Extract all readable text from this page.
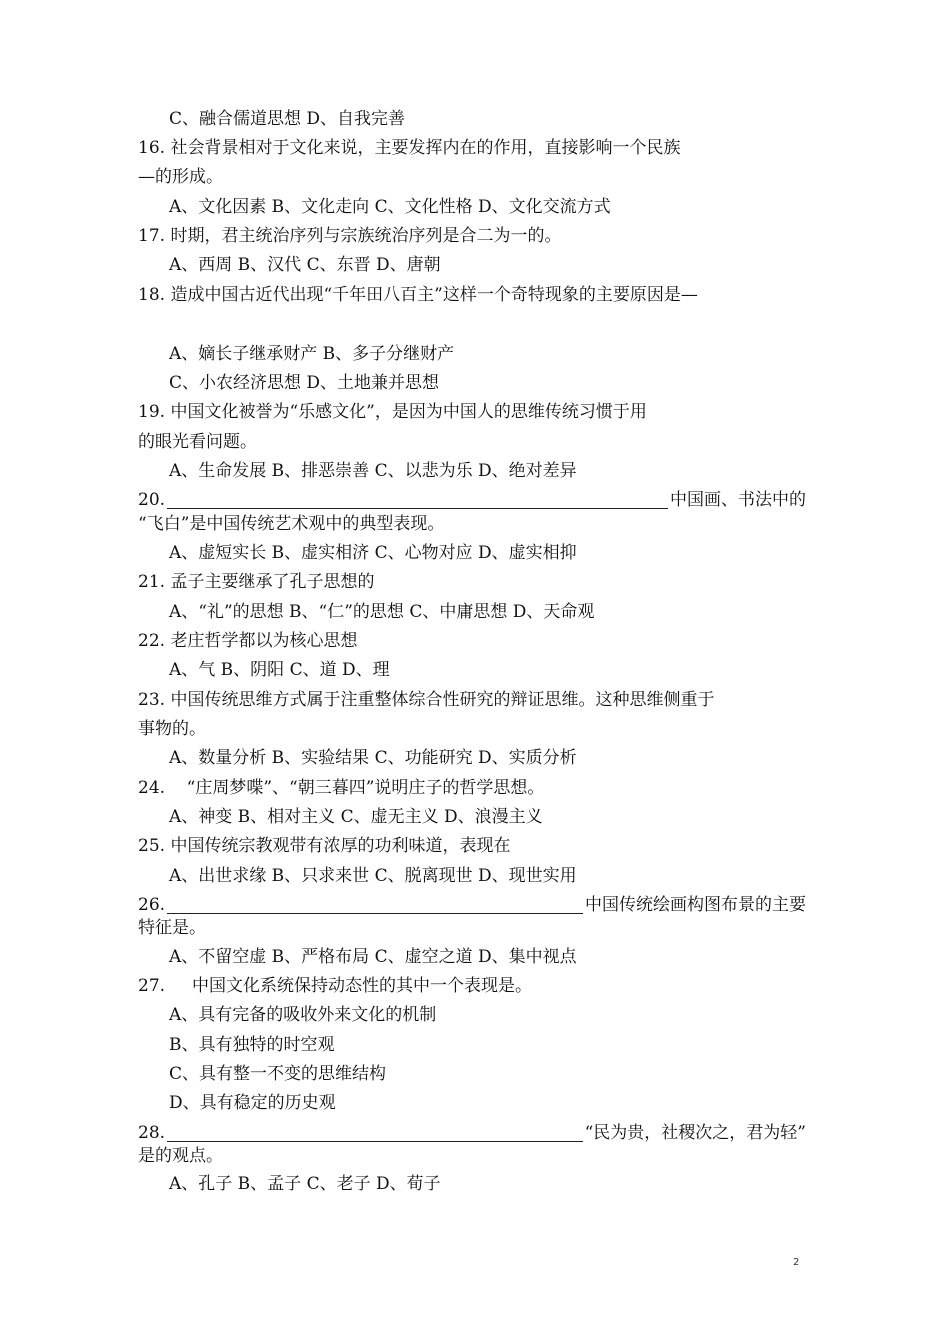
C、融合儒道思想 D、自我完善
16. 社会背景相对于文化来说，主要发挥内在的作用，直接影响一个民族
—的形成。
A、文化因素 B、文化走向 C、文化性格 D、文化交流方式
17. 时期，君主统治序列与宗族统治序列是合二为一的。
A、西周 B、汉代 C、东晋 D、唐朝
18. 造成中国古近代出现“千年田八百主”这样一个奇特现象的主要原因是—
A、嫡长子继承财产 B、多子分继财产
C、小农经济思想 D、土地兼并思想
19. 中国文化被誉为“乐感文化”，是因为中国人的思维传统习惯于用
的眼光看问题。
A、生命发展 B、排恶崇善 C、以悲为乐 D、绝对差异
20.	中国画、书法中的
“飞白”是中国传统艺术观中的典型表现。
A、虚短实长 B、虚实相济 C、心物对应 D、虚实相抑
21. 孟子主要继承了孔子思想的
A、“礼”的思想 B、“仁”的思想 C、中庸思想 D、天命观
22. 老庄哲学都以为核心思想
A、气 B、阴阳 C、道 D、理
23. 中国传统思维方式属于注重整体综合性研究的辩证思维。这种思维侧重于
事物的。
A、数量分析 B、实验结果 C、功能研究 D、实质分析
24.    “庄周梦喋”、“朝三暮四”说明庄子的哲学思想。
A、神变 B、相对主义 C、虚无主义 D、浪漫主义
25. 中国传统宗教观带有浓厚的功利味道，表现在
A、出世求缘 B、只求来世 C、脱离现世 D、现世实用
26.	中国传统绘画构图布景的主要
特征是。
A、不留空虚 B、严格布局 C、虚空之道 D、集中视点
27.     中国文化系统保持动态性的其中一个表现是。
A、具有完备的吸收外来文化的机制
B、具有独特的时空观
C、具有整一不变的思维结构
D、具有稳定的历史观
28.	“民为贵，社稷次之，君为轻”
是的观点。
A、孔子 B、孟子 C、老子 D、荀子
2
